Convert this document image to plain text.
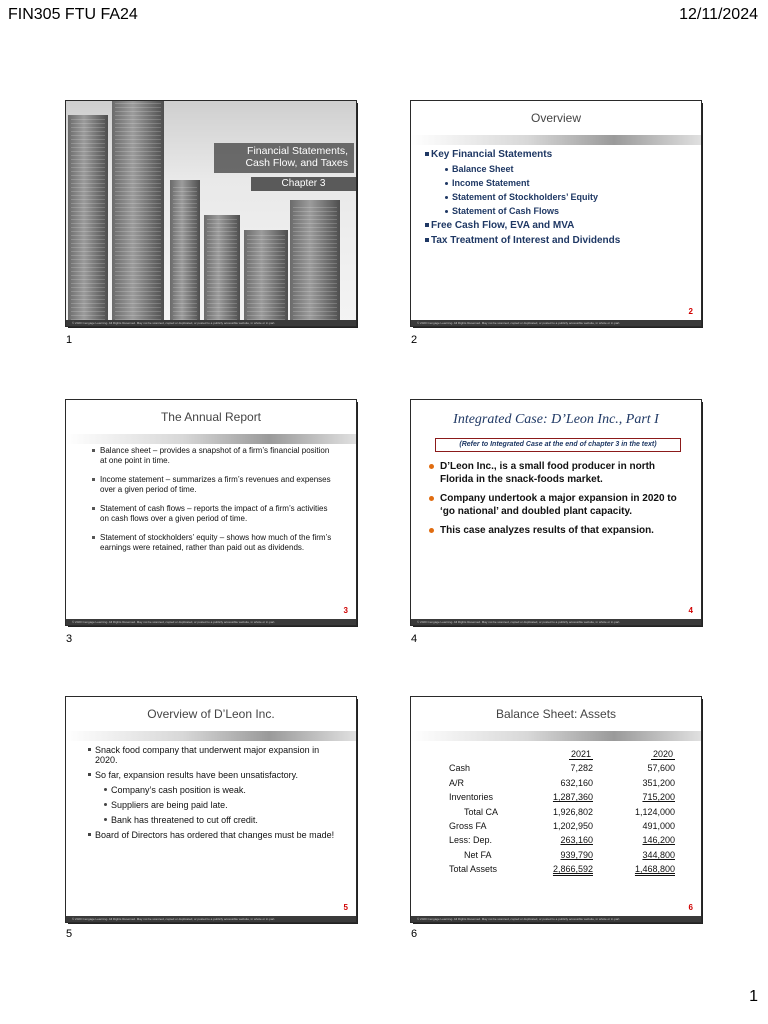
FIN305 FTU FA24	12/11/2024
Financial Statements,
Cash Flow, and Taxes
Chapter 3
© 2020 Cengage Learning. All Rights Reserved. May not be scanned, copied or duplicated, or posted to a publicly accessible website, in whole or in part.
1
Overview
Key Financial Statements
Balance Sheet
Income Statement
Statement of Stockholders’ Equity
Statement of Cash Flows
Free Cash Flow, EVA and MVA
Tax Treatment of Interest and Dividends
2
© 2020 Cengage Learning. All Rights Reserved. May not be scanned, copied or duplicated, or posted to a publicly accessible website, in whole or in part.
2
The Annual Report
Balance sheet – provides a snapshot of a firm’s financial position at one point in time.
Income statement – summarizes a firm’s revenues and expenses over a given period of time.
Statement of cash flows – reports the impact of a firm’s activities on cash flows over a given period of time.
Statement of stockholders’ equity – shows how much of the firm’s earnings were retained, rather than paid out as dividends.
3
© 2020 Cengage Learning. All Rights Reserved. May not be scanned, copied or duplicated, or posted to a publicly accessible website, in whole or in part.
3
Integrated Case: D’Leon Inc., Part I
(Refer to Integrated Case at the end of chapter 3 in the text)
D’Leon Inc., is a small food producer in north Florida in the snack-foods market.
Company undertook a major expansion in 2020 to ‘go national’ and doubled plant capacity.
This case analyzes results of that expansion.
4
© 2020 Cengage Learning. All Rights Reserved. May not be scanned, copied or duplicated, or posted to a publicly accessible website, in whole or in part.
4
Overview of D’Leon Inc.
Snack food company that underwent major expansion in 2020.
So far, expansion results have been unsatisfactory.
Company’s cash position is weak.
Suppliers are being paid late.
Bank has threatened to cut off credit.
Board of Directors has ordered that changes must be made!
5
© 2020 Cengage Learning. All Rights Reserved. May not be scanned, copied or duplicated, or posted to a publicly accessible website, in whole or in part.
5
Balance Sheet: Assets
	2021	2020
Cash	7,282	57,600
A/R	632,160	351,200
Inventories	1,287,360	715,200
Total CA	1,926,802	1,124,000
Gross FA	1,202,950	491,000
Less: Dep.	263,160	146,200
Net FA	939,790	344,800
Total Assets	2,866,592	1,468,800
6
© 2020 Cengage Learning. All Rights Reserved. May not be scanned, copied or duplicated, or posted to a publicly accessible website, in whole or in part.
6
1
